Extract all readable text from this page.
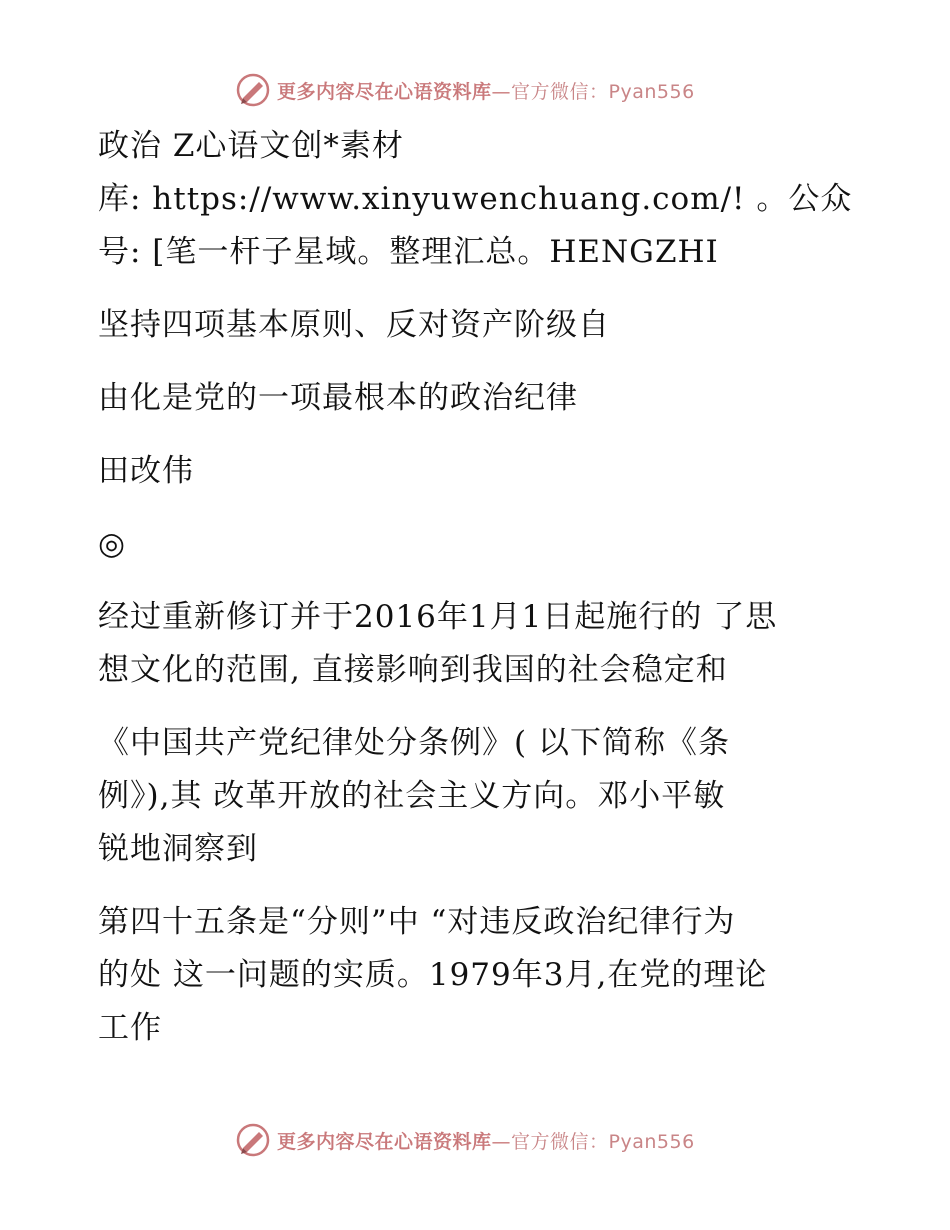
更多内容尽在心语资料库—官方微信：Pyan556
政治 Z心语文创*素材
库: https://www.xinyuwenchuang.com/! 。公众
号: [笔一杆子星域。整理汇总。HENGZHI
坚持四项基本原则、反对资产阶级自
由化是党的一项最根本的政治纪律
田改伟
◎
经过重新修订并于2016年1月1日起施行的 了思
想文化的范围, 直接影响到我国的社会稳定和
《中国共产党纪律处分条例》( 以下简称《条
例》),其 改革开放的社会主义方向。邓小平敏
锐地洞察到
第四十五条是“分则”中 “对违反政治纪律行为
的处 这一问题的实质。1979年3月,在党的理论
工作
更多内容尽在心语资料库—官方微信：Pyan556
